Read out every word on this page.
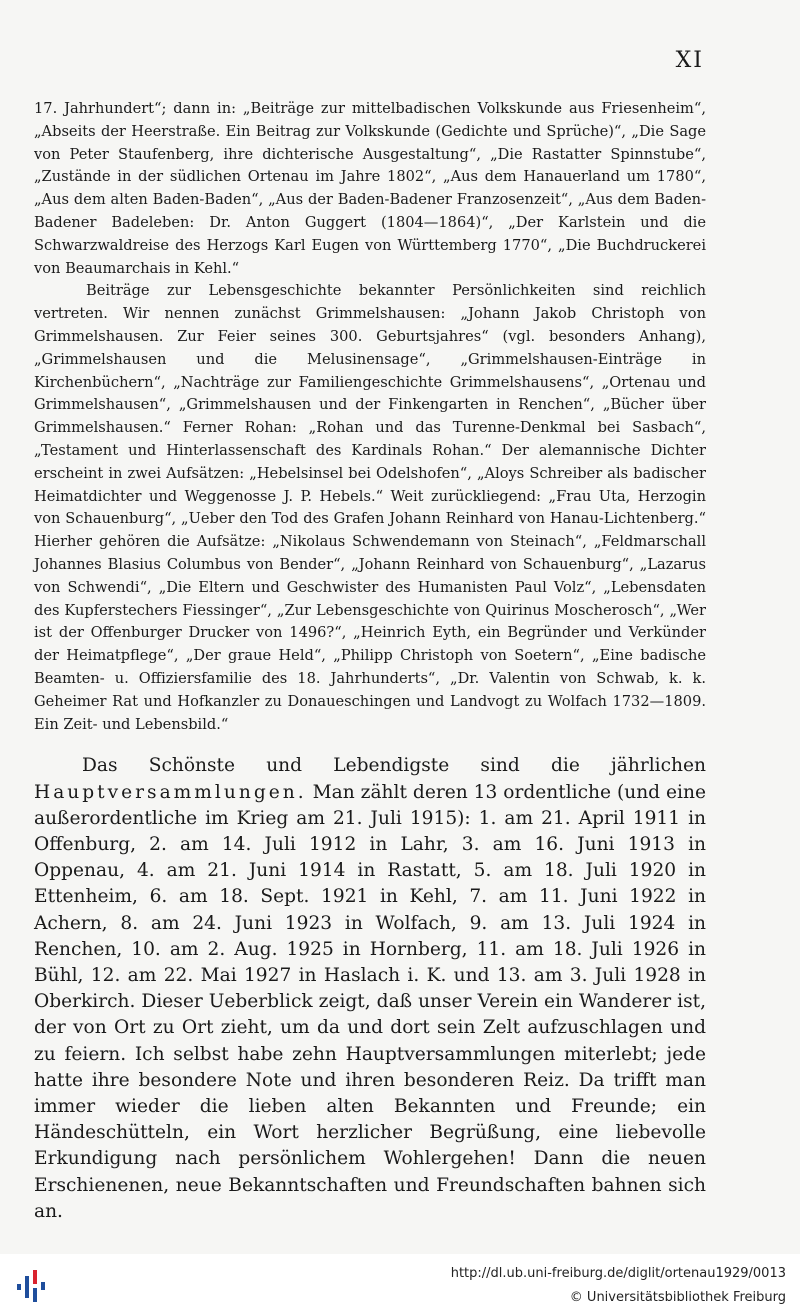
XI

17. Jahrhundert“; dann in: „Beiträge zur mittelbadischen Volkskunde aus Friesenheim“, „Abseits der Heerstraße. Ein Beitrag zur Volkskunde (Gedichte und Sprüche)“, „Die Sage von Peter Staufenberg, ihre dichterische Ausgestaltung“, „Die Rastatter Spinnstube“, „Zustände in der südlichen Ortenau im Jahre 1802“, „Aus dem Hanauerland um 1780“, „Aus dem alten Baden-Baden“, „Aus der Baden-Badener Franzosenzeit“, „Aus dem Baden-Badener Badeleben: Dr. Anton Guggert (1804—1864)“, „Der Karlstein und die Schwarzwaldreise des Herzogs Karl Eugen von Württemberg 1770“, „Die Buchdruckerei von Beaumarchais in Kehl.“

Beiträge zur Lebensgeschichte bekannter Persönlichkeiten sind reichlich vertreten. Wir nennen zunächst Grimmelshausen: „Johann Jakob Christoph von Grimmelshausen. Zur Feier seines 300. Geburtsjahres“ (vgl. besonders Anhang), „Grimmelshausen und die Melusinensage“, „Grimmelshausen-Einträge in Kirchenbüchern“, „Nachträge zur Familiengeschichte Grimmelshausens“, „Ortenau und Grimmelshausen“, „Grimmelshausen und der Finkengarten in Renchen“, „Bücher über Grimmelshausen.“ Ferner Rohan: „Rohan und das Turenne-Denkmal bei Sasbach“, „Testament und Hinterlassenschaft des Kardinals Rohan.“ Der alemannische Dichter erscheint in zwei Aufsätzen: „Hebelsinsel bei Odelshofen“, „Aloys Schreiber als badischer Heimatdichter und Weggenosse J. P. Hebels.“ Weit zurückliegend: „Frau Uta, Herzogin von Schauenburg“, „Ueber den Tod des Grafen Johann Reinhard von Hanau-Lichtenberg.“ Hierher gehören die Aufsätze: „Nikolaus Schwendemann von Steinach“, „Feldmarschall Johannes Blasius Columbus von Bender“, „Johann Reinhard von Schauenburg“, „Lazarus von Schwendi“, „Die Eltern und Geschwister des Humanisten Paul Volz“, „Lebensdaten des Kupferstechers Fiessinger“, „Zur Lebensgeschichte von Quirinus Moscherosch“, „Wer ist der Offenburger Drucker von 1496?“, „Heinrich Eyth, ein Begründer und Verkünder der Heimatpflege“, „Der graue Held“, „Philipp Christoph von Soetern“, „Eine badische Beamten- u. Offiziersfamilie des 18. Jahrhunderts“, „Dr. Valentin von Schwab, k. k. Geheimer Rat und Hofkanzler zu Donaueschingen und Landvogt zu Wolfach 1732—1809. Ein Zeit- und Lebensbild.“

Das Schönste und Lebendigste sind die jährlichen Hauptversammlungen. Man zählt deren 13 ordentliche (und eine außerordentliche im Krieg am 21. Juli 1915): 1. am 21. April 1911 in Offenburg, 2. am 14. Juli 1912 in Lahr, 3. am 16. Juni 1913 in Oppenau, 4. am 21. Juni 1914 in Rastatt, 5. am 18. Juli 1920 in Ettenheim, 6. am 18. Sept. 1921 in Kehl, 7. am 11. Juni 1922 in Achern, 8. am 24. Juni 1923 in Wolfach, 9. am 13. Juli 1924 in Renchen, 10. am 2. Aug. 1925 in Hornberg, 11. am 18. Juli 1926 in Bühl, 12. am 22. Mai 1927 in Haslach i. K. und 13. am 3. Juli 1928 in Oberkirch. Dieser Ueberblick zeigt, daß unser Verein ein Wanderer ist, der von Ort zu Ort zieht, um da und dort sein Zelt aufzuschlagen und zu feiern. Ich selbst habe zehn Hauptversammlungen miterlebt; jede hatte ihre besondere Note und ihren besonderen Reiz. Da trifft man immer wieder die lieben alten Bekannten und Freunde; ein Händeschütteln, ein Wort herzlicher Begrüßung, eine liebevolle Erkundigung nach persönlichem Wohlergehen! Dann die neuen Erschienenen, neue Bekanntschaften und Freundschaften bahnen sich an.

http://dl.ub.uni-freiburg.de/diglit/ortenau1929/0013
© Universitätsbibliothek Freiburg
